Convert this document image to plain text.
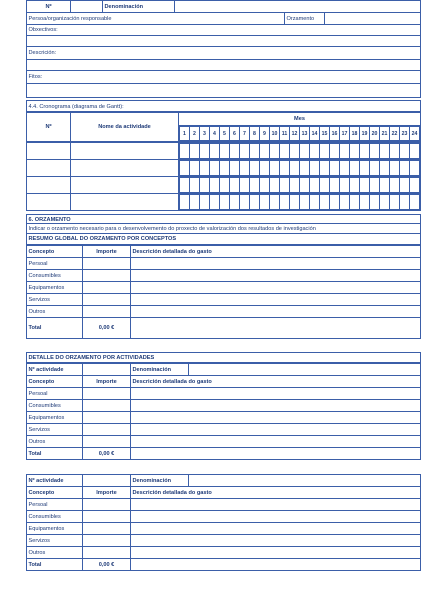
Nº		Denominación			
Persoa/organización responsable				Orzamento	
Obxectivos:
Descrición:
Fitos:
4.4. Cronograma (diagrama de Gantt):
Nº	Nome da actividade	Mes

1	2	3	4	5	6	7	8	9	10	11	12	13	14	15	16	17	18	19	20	21	22	23	24

6. ORZAMENTO
Indicar o orzamento necesario para o desenvolvemento do proxecto de valorización dos resultados de investigación
RESUMO GLOBAL DO ORZAMENTO POR CONCEPTOS
Concepto	Importe	Descrición detallada do gasto
Persoal		
Consumibles		
Equipamentos		
Servizos		
Outros		
Total	0,00 €	
DETALLE DO ORZAMENTO POR ACTIVIDADES
Nº actividade		Denominación	
Concepto	Importe	Descrición detallada do gasto	
Persoal			
Consumibles			
Equipamentos			
Servizos			
Outros			
Total	0,00 €		
Nº actividade		Denominación	
Concepto	Importe	Descrición detallada do gasto	
Persoal			
Consumibles			
Equipamentos			
Servizos			
Outros			
Total	0,00 €		
